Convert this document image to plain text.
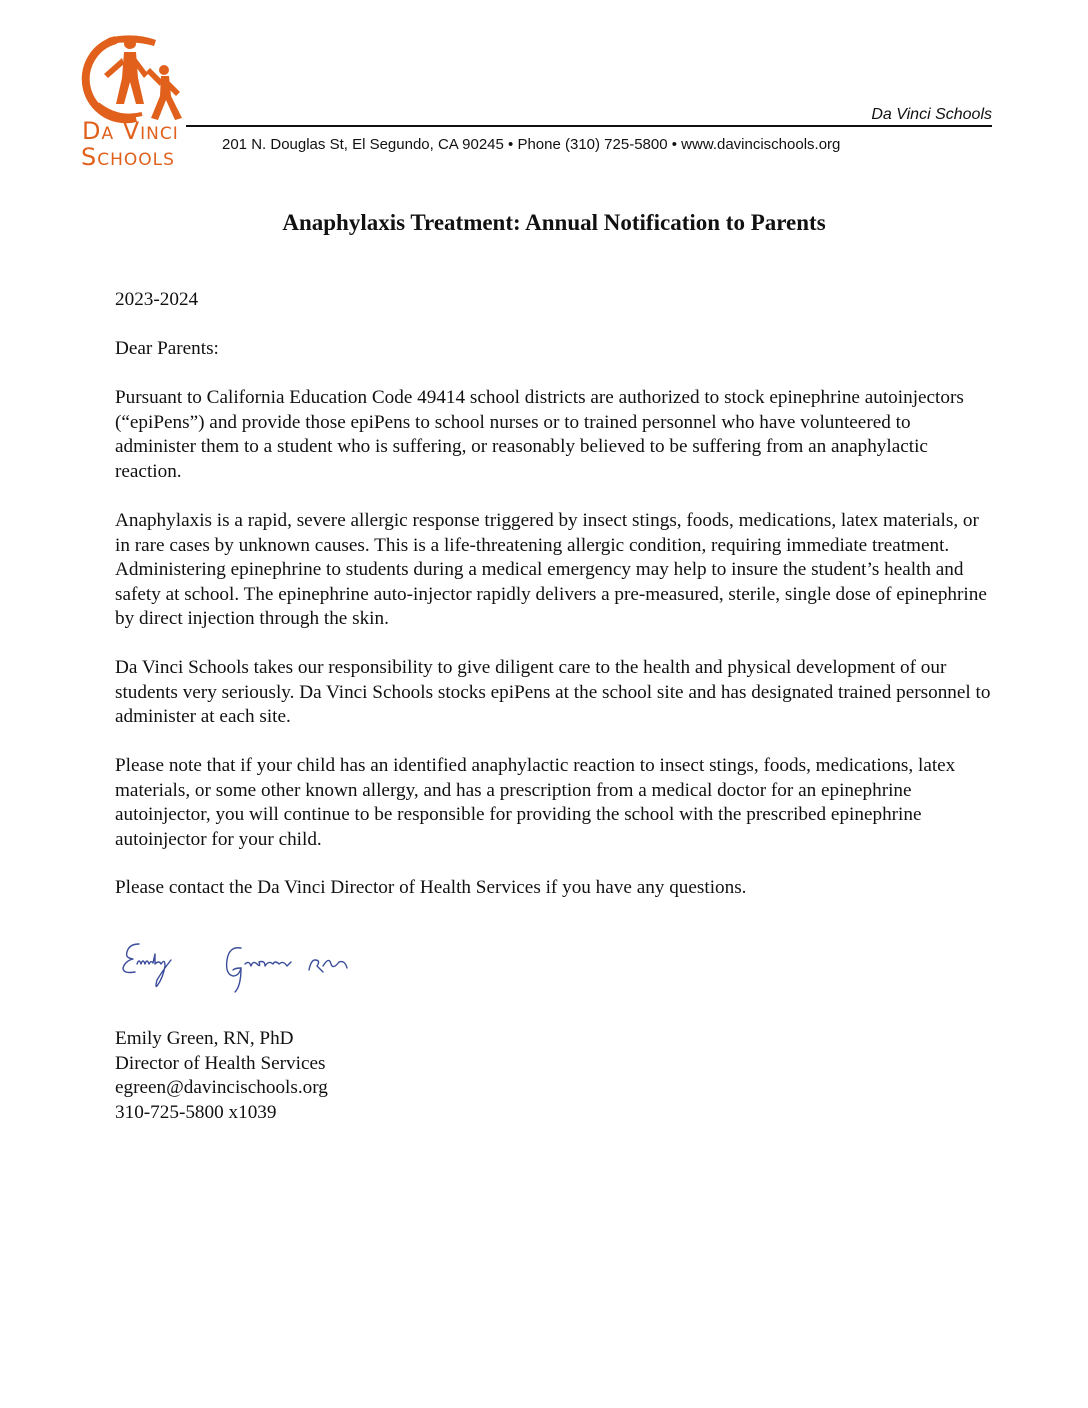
Da Vinci
Schools
Da Vinci Schools
201 N. Douglas St, El Segundo, CA 90245 • Phone (310) 725-5800 • www.davincischools.org
Anaphylaxis Treatment: Annual Notification to Parents

2023-2024

Dear Parents:

Pursuant to California Education Code 49414 school districts are authorized to stock epinephrine autoinjectors (“epiPens”) and provide those epiPens to school nurses or to trained personnel who have volunteered to administer them to a student who is suffering, or reasonably believed to be suffering from an anaphylactic reaction.

Anaphylaxis is a rapid, severe allergic response triggered by insect stings, foods, medications, latex materials, or in rare cases by unknown causes. This is a life-threatening allergic condition, requiring immediate treatment. Administering epinephrine to students during a medical emergency may help to insure the student’s health and safety at school. The epinephrine auto-injector rapidly delivers a pre-measured, sterile, single dose of epinephrine by direct injection through the skin.

Da Vinci Schools takes our responsibility to give diligent care to the health and physical development of our students very seriously. Da Vinci Schools stocks epiPens at the school site and has designated trained personnel to administer at each site.

Please note that if your child has an identified anaphylactic reaction to insect stings, foods, medications, latex materials, or some other known allergy, and has a prescription from a medical doctor for an epinephrine autoinjector, you will continue to be responsible for providing the school with the prescribed epinephrine autoinjector for your child.

Please contact the Da Vinci Director of Health Services if you have any questions.

Emily Green, RN, PhD
Director of Health Services
egreen@davincischools.org
310-725-5800 x1039
